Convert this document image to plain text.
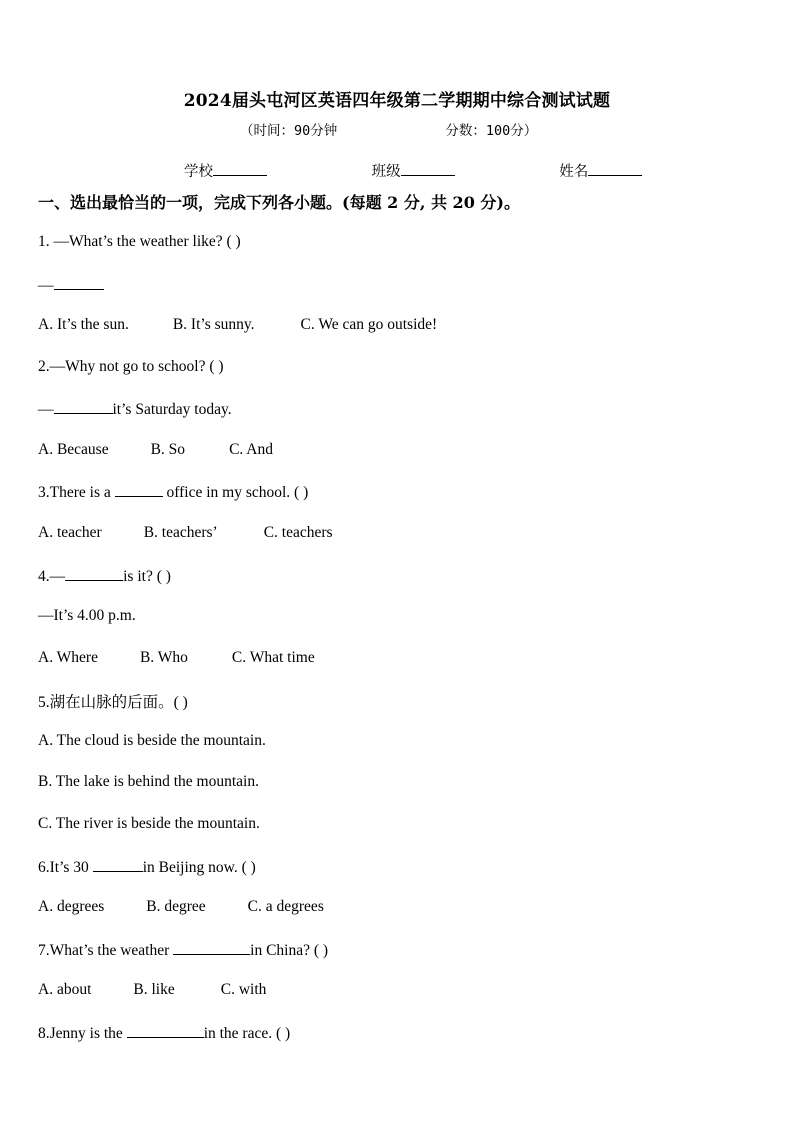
2024届头屯河区英语四年级第二学期期中综合测试试题
（时间：90分钟	分数：100分）
学校	班级	姓名
一、选出最恰当的一项，完成下列各小题。(每题 2 分, 共 20 分)。
1. —What’s the weather like? ( )
—
A. It’s the sun.	B. It’s sunny.	C. We can go outside!
2.—Why not go to school? ( )
—	it’s Saturday today.
A. Because	B. So	C. And
3.There is a	office in my school. ( )
A. teacher	B. teachers’	C. teachers
4.—	is it? ( )
—It’s 4.00 p.m.
A. Where	B. Who	C. What time
5.湖在山脉的后面。( )
A. The cloud is beside the mountain.
B. The lake is behind the mountain.
C. The river is beside the mountain.
6.It’s 30	in Beijing now. ( )
A. degrees	B. degree	C. a degrees
7.What’s the weather	in China? ( )
A. about	B. like	C. with
8.Jenny is the	in the race. ( )
